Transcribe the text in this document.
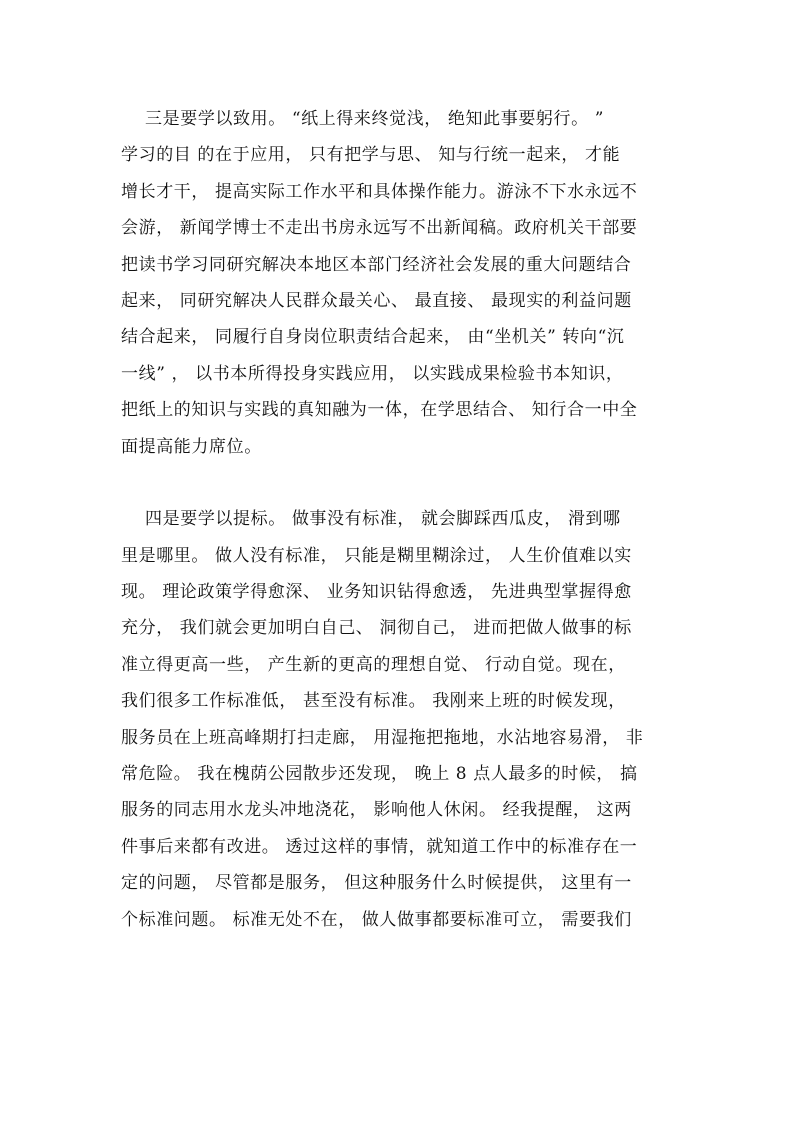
三是要学以致用。 “纸上得来终觉浅， 绝知此事要躬行。 ”
学习的目 的在于应用， 只有把学与思、 知与行统一起来， 才能
增长才干， 提高实际工作水平和具体操作能力。游泳不下水永远不
会游， 新闻学博士不走出书房永远写不出新闻稿。政府机关干部要
把读书学习同研究解决本地区本部门经济社会发展的重大问题结合
起来， 同研究解决人民群众最关心、 最直接、 最现实的利益问题
结合起来， 同履行自身岗位职责结合起来， 由“坐机关” 转向“沉
一线” ， 以书本所得投身实践应用， 以实践成果检验书本知识，
把纸上的知识与实践的真知融为一体，在学思结合、 知行合一中全
面提高能力席位。
四是要学以提标。 做事没有标准， 就会脚踩西瓜皮， 滑到哪
里是哪里。 做人没有标准， 只能是糊里糊涂过， 人生价值难以实
现。 理论政策学得愈深、 业务知识钻得愈透， 先进典型掌握得愈
充分， 我们就会更加明白自己、 洞彻自己， 进而把做人做事的标
准立得更高一些， 产生新的更高的理想自觉、 行动自觉。现在，
我们很多工作标准低， 甚至没有标准。 我刚来上班的时候发现，
服务员在上班高峰期打扫走廊， 用湿拖把拖地，水沾地容易滑， 非
常危险。 我在槐荫公园散步还发现， 晚上 8 点人最多的时候， 搞
服务的同志用水龙头冲地浇花， 影响他人休闲。 经我提醒， 这两
件事后来都有改进。 透过这样的事情，就知道工作中的标准存在一
定的问题， 尽管都是服务， 但这种服务什么时候提供， 这里有一
个标准问题。 标准无处不在， 做人做事都要标准可立， 需要我们
